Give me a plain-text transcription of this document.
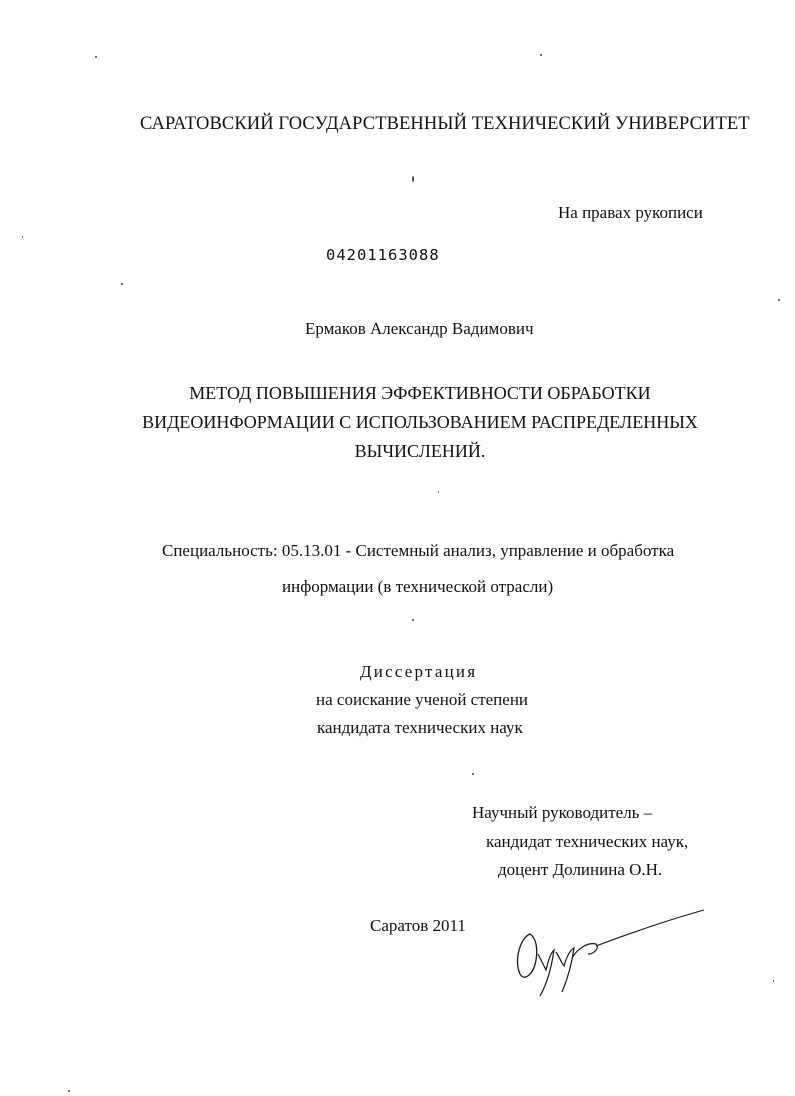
САРАТОВСКИЙ ГОСУДАРСТВЕННЫЙ ТЕХНИЧЕСКИЙ УНИВЕРСИТЕТ
На правах рукописи
04201163088
Ермаков Александр Вадимович
МЕТОД ПОВЫШЕНИЯ ЭФФЕКТИВНОСТИ ОБРАБОТКИ
ВИДЕОИНФОРМАЦИИ С ИСПОЛЬЗОВАНИЕМ РАСПРЕДЕЛЕННЫХ
ВЫЧИСЛЕНИЙ.
Специальность: 05.13.01 - Системный анализ, управление и обработка
информации (в технической отрасли)
Диссертация
на соискание ученой степени
кандидата технических наук
Научный руководитель –
кандидат технических наук,
доцент Долинина О.Н.
Саратов 2011
